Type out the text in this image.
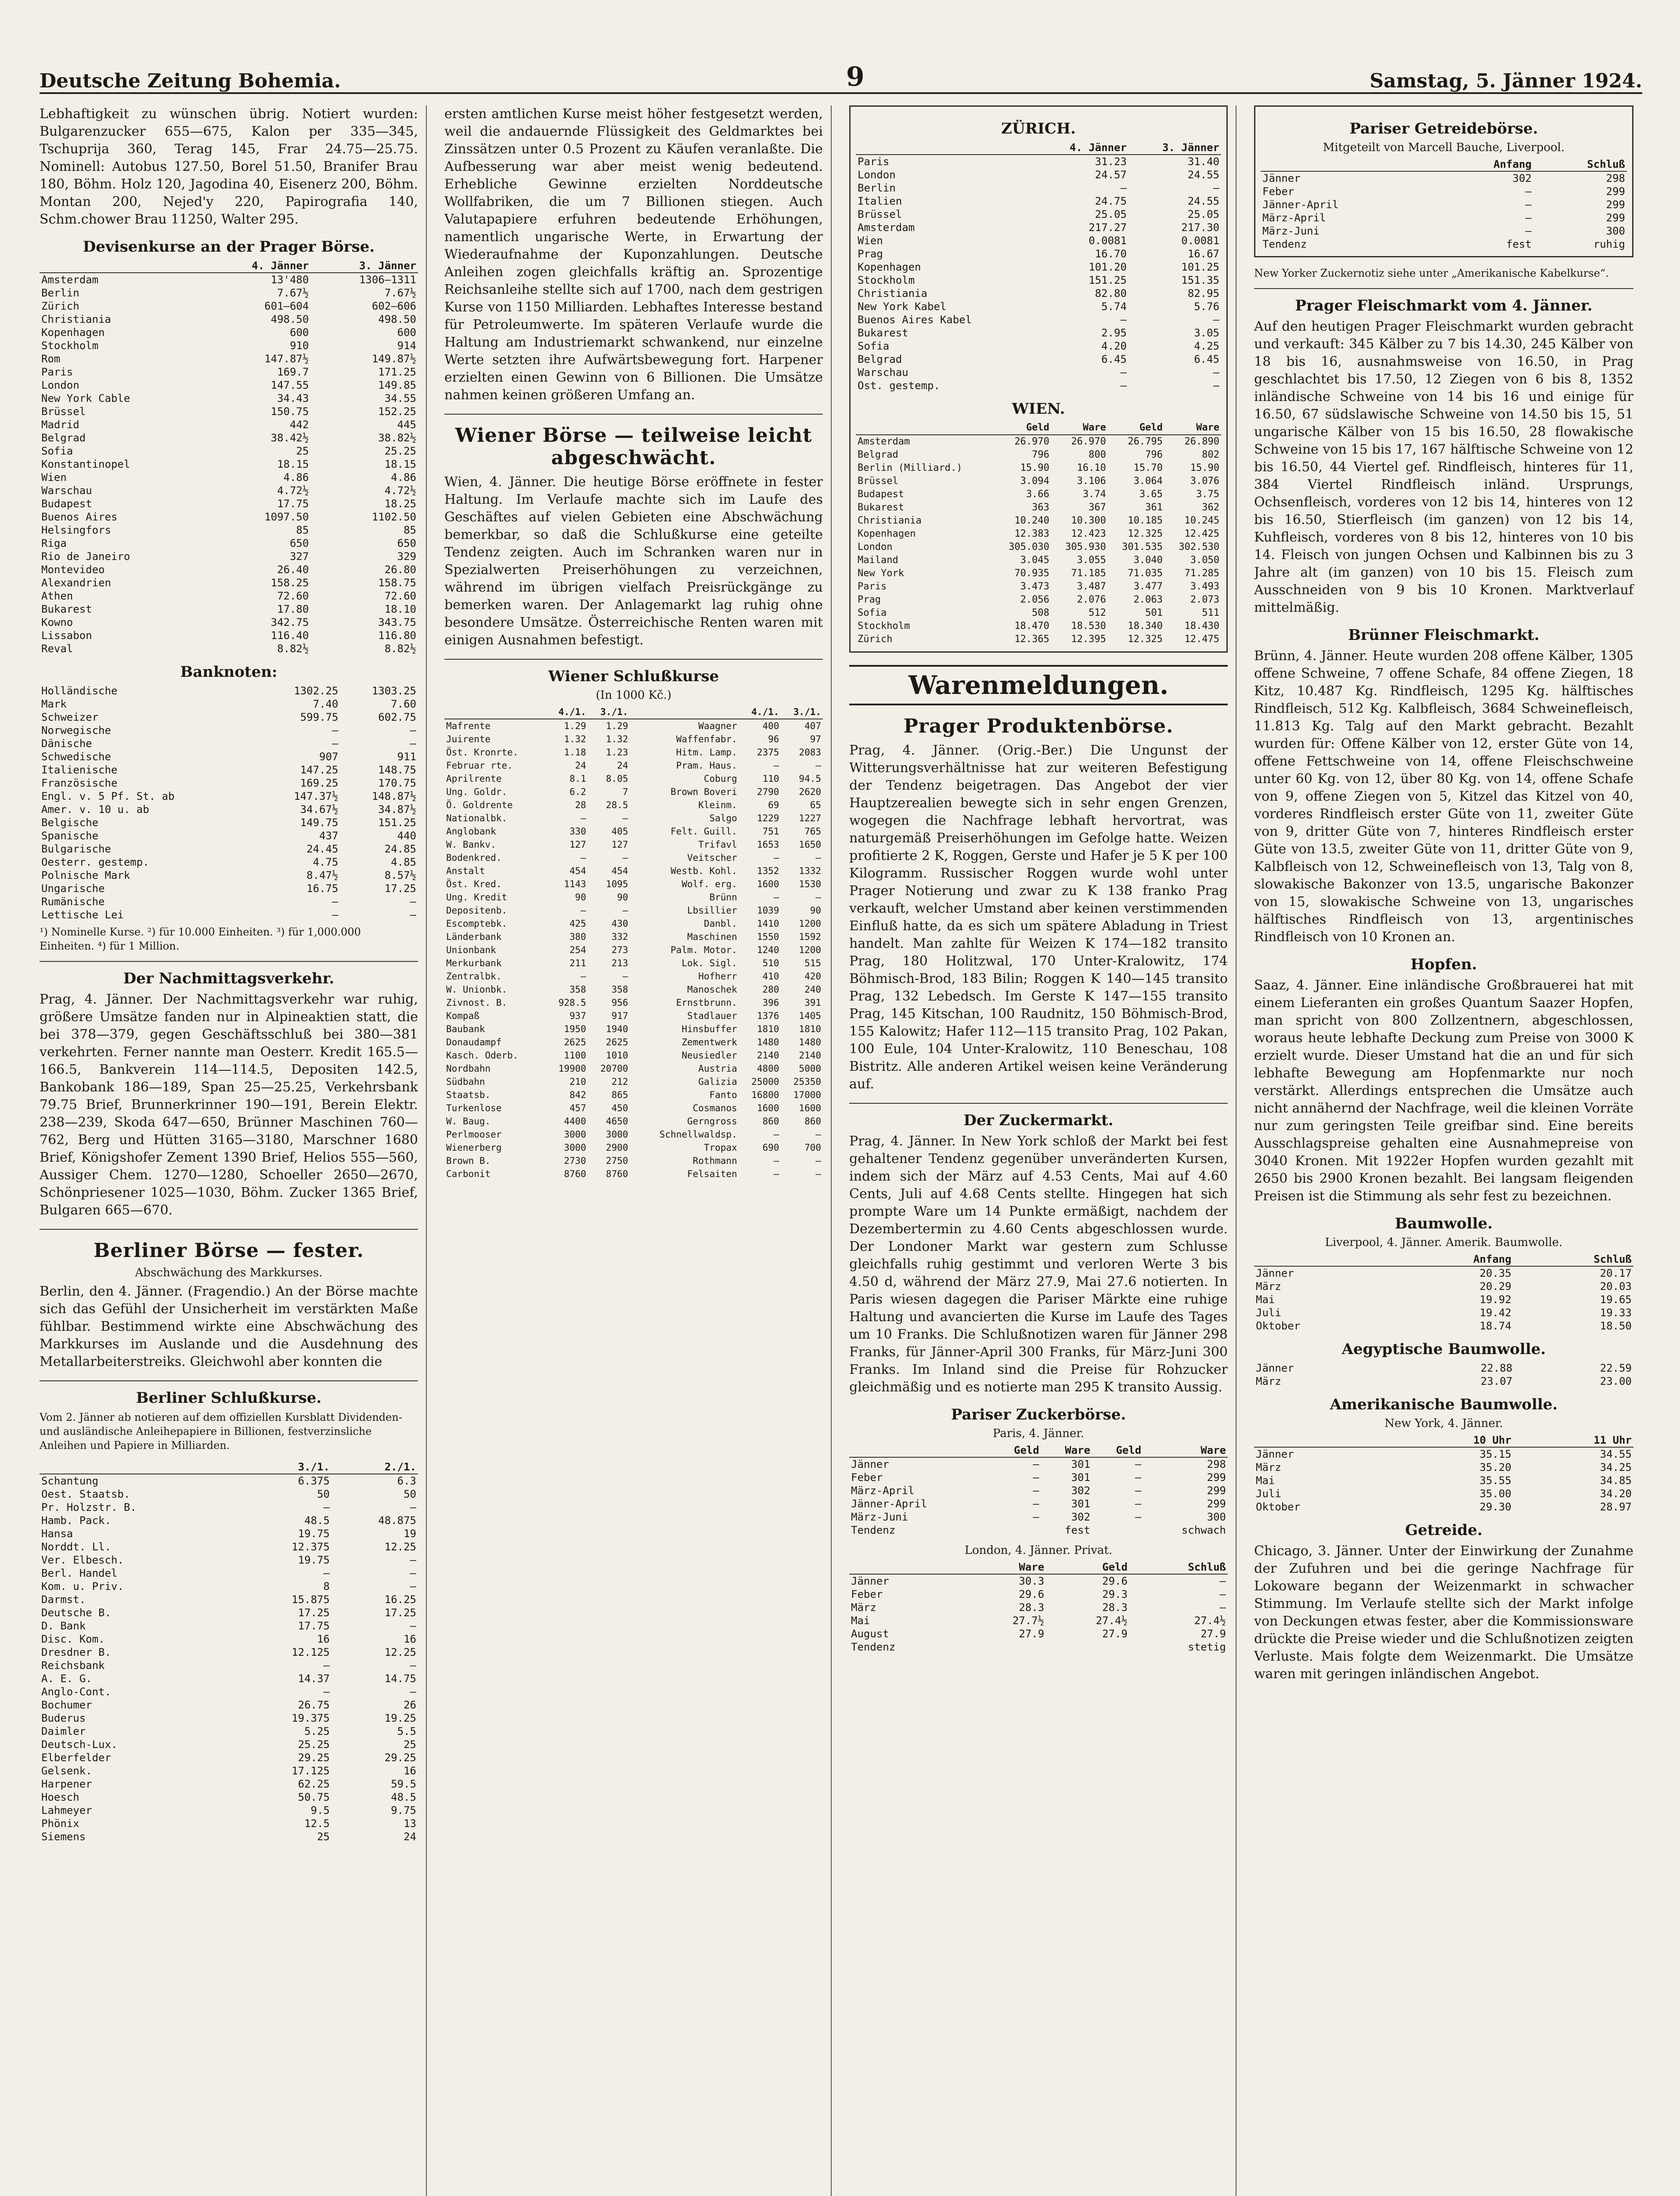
Deutsche Zeitung Bohemia.	9	Samstag, 5. Jänner 1924.

Lebhaftigkeit zu wünschen übrig. Notiert wurden: Bulgarenzucker 655—675, Kalon per 335—345, Tschuprija 360, Terag 145, Frar 24.75—25.75. Nominell: Autobus 127.50, Borel 51.50, Branifer Brau 180, Böhm. Holz 120, Jagodina 40, Eisenerz 200, Böhm. Montan 200, Nejed'y 220, Papirografia 140, Schm.chower Brau 11250, Walter 295.

Devisenkurse an der Prager Börse.
	4. Jänner	3. Jänner
Amsterdam	13'480	1306—1311
Berlin	7.67½	7.67½
Zürich	601—604	602—606
Christiania	498.50	498.50
Kopenhagen	600	600
Stockholm	910	914
Rom	147.87½	149.87½
Paris	169.7	171.25
London	147.55	149.85
New York Cable	34.43	34.55
Brüssel	150.75	152.25
Madrid	442	445
Belgrad	38.42½	38.82½
Sofia	25	25.25
Konstantinopel	18.15	18.15
Wien	4.86	4.86
Warschau	4.72½	4.72½
Budapest	17.75	18.25
Buenos Aires	1097.50	1102.50
Helsingfors	85	85
Riga	650	650
Rio de Janeiro	327	329
Montevideo	26.40	26.80
Alexandrien	158.25	158.75
Athen	72.60	72.60
Bukarest	17.80	18.10
Kowno	342.75	343.75
Lissabon	116.40	116.80
Reval	8.82½	8.82½
Banknoten:
Holländische	1302.25	1303.25
Mark	7.40	7.60
Schweizer	599.75	602.75
Norwegische	—	—
Dänische	—	—
Schwedische	907	911
Italienische	147.25	148.75
Französische	169.25	170.75
Engl. v. 5 Pf. St. ab	147.37½	148.87½
Amer. v. 10 u. ab	34.67½	34.87½
Belgische	149.75	151.25
Spanische	437	440
Bulgarische	24.45	24.85
Oesterr. gestemp.	4.75	4.85
Polnische Mark	8.47½	8.57½
Ungarische	16.75	17.25
Rumänische	—	—
Lettische Lei	—	—

¹) Nominelle Kurse. ²) für 10.000 Einheiten. ³) für 1,000.000 Einheiten. ⁴) für 1 Million.

Der Nachmittagsverkehr.

Prag, 4. Jänner. Der Nachmittagsverkehr war ruhig, größere Umsätze fanden nur in Alpineaktien statt, die bei 378—379, gegen Geschäftsschluß bei 380—381 verkehrten. Ferner nannte man Oesterr. Kredit 165.5—166.5, Bankverein 114—114.5, Depositen 142.5, Bankobank 186—189, Span 25—25.25, Verkehrsbank 79.75 Brief, Brunnerkrinner 190—191, Berein Elektr. 238—239, Skoda 647—650, Brünner Maschinen 760—762, Berg und Hütten 3165—3180, Marschner 1680 Brief, Königshofer Zement 1390 Brief, Helios 555—560, Aussiger Chem. 1270—1280, Schoeller 2650—2670, Schönpriesener 1025—1030, Böhm. Zucker 1365 Brief, Bulgaren 665—670.

Berliner Börse — fester.
Abschwächung des Markkurses.

Berlin, den 4. Jänner. (Fragendio.) An der Börse machte sich das Gefühl der Unsicherheit im verstärkten Maße fühlbar. Bestimmend wirkte eine Abschwächung des Markkurses im Auslande und die Ausdehnung des Metallarbeiterstreiks. Gleichwohl aber konnten die

Berliner Schlußkurse.

Vom 2. Jänner ab notieren auf dem offiziellen Kursblatt Dividenden- und ausländische Anleihepapiere in Billionen, festverzinsliche Anleihen und Papiere in Milliarden.

	3./1.	2./1.
Schantung	6.375	6.3
Oest. Staatsb.	50	50
Pr. Holzstr. B.	—	—
Hamb. Pack.	48.5	48.875
Hansa	19.75	19
Norddt. Ll.	12.375	12.25
Ver. Elbesch.	19.75	—
Berl. Handel	—	—
Kom. u. Priv.	8	—
Darmst.	15.875	16.25
Deutsche B.	17.25	17.25
D. Bank	17.75	—
Disc. Kom.	16	16
Dresdner B.	12.125	12.25
Reichsbank	—	—
A. E. G.	14.37	14.75
Anglo-Cont.	—	—
Bochumer	26.75	26
Buderus	19.375	19.25
Daimler	5.25	5.5
Deutsch-Lux.	25.25	25
Elberfelder	29.25	29.25
Gelsenk.	17.125	16
Harpener	62.25	59.5
Hoesch	50.75	48.5
Lahmeyer	9.5	9.75
Phönix	12.5	13
Siemens	25	24

ersten amtlichen Kurse meist höher festgesetzt werden, weil die andauernde Flüssigkeit des Geldmarktes bei Zinssätzen unter 0.5 Prozent zu Käufen veranlaßte. Die Aufbesserung war aber meist wenig bedeutend. Erhebliche Gewinne erzielten Norddeutsche Wollfabriken, die um 7 Billionen stiegen. Auch Valutapapiere erfuhren bedeutende Erhöhungen, namentlich ungarische Werte, in Erwartung der Wiederaufnahme der Kuponzahlungen. Deutsche Anleihen zogen gleichfalls kräftig an. Sprozentige Reichsanleihe stellte sich auf 1700, nach dem gestrigen Kurse von 1150 Milliarden. Lebhaftes Interesse bestand für Petroleumwerte. Im späteren Verlaufe wurde die Haltung am Industriemarkt schwankend, nur einzelne Werte setzten ihre Aufwärtsbewegung fort. Harpener erzielten einen Gewinn von 6 Billionen. Die Umsätze nahmen keinen größeren Umfang an.

Wiener Börse — teilweise leicht abgeschwächt.

Wien, 4. Jänner. Die heutige Börse eröffnete in fester Haltung. Im Verlaufe machte sich im Laufe des Geschäftes auf vielen Gebieten eine Abschwächung bemerkbar, so daß die Schlußkurse eine geteilte Tendenz zeigten. Auch im Schranken waren nur in Spezialwerten Preiserhöhungen zu verzeichnen, während im übrigen vielfach Preisrückgänge zu bemerken waren. Der Anlagemarkt lag ruhig ohne besondere Umsätze. Österreichische Renten waren mit einigen Ausnahmen befestigt.

Wiener Schlußkurse
(In 1000 Kč.)
	4./1.	3./1.		4./1.	3./1.
Mafrente	1.29	1.29	Waagner	400	407
Juirente	1.32	1.32	Waffenfabr.	96	97
Öst. Kronrte.	1.18	1.23	Hitm. Lamp.	2375	2083
Februar rte.	24	24	Pram. Haus.	—	—
Aprilrente	8.1	8.05	Coburg	110	94.5
Ung. Goldr.	6.2	7	Brown Boveri	2790	2620
Ö. Goldrente	28	28.5	Kleinm.	69	65
Nationalbk.	—	—	Salgo	1229	1227
Anglobank	330	405	Felt. Guill.	751	765
W. Bankv.	127	127	Trifavl	1653	1650
Bodenkred.	—	—	Veitscher	—	—
Anstalt	454	454	Westb. Kohl.	1352	1332
Öst. Kred.	1143	1095	Wolf. erg.	1600	1530
Ung. Kredit	90	90	Brünn	—	—
Depositenb.	—	—	Lbsillier	1039	90
Escomptebk.	425	430	Danbl.	1410	1200
Länderbank	380	332	Maschinen	1550	1592
Unionbank	254	273	Palm. Motor.	1240	1200
Merkurbank	211	213	Lok. Sigl.	510	515
Zentralbk.	—	—	Hofherr	410	420
W. Unionbk.	358	358	Manoschek	280	240
Zivnost. B.	928.5	956	Ernstbrunn.	396	391
Kompaß	937	917	Stadlauer	1376	1405
Baubank	1950	1940	Hinsbuffer	1810	1810
Donaudampf	2625	2625	Zementwerk	1480	1480
Kasch. Oderb.	1100	1010	Neusiedler	2140	2140
Nordbahn	19900	20700	Austria	4800	5000
Südbahn	210	212	Galizia	25000	25350
Staatsb.	842	865	Fanto	16800	17000
Turkenlose	457	450	Cosmanos	1600	1600
W. Baug.	4400	4650	Gerngross	860	860
Perlmooser	3000	3000	Schnellwaldsp.	—	—
Wienerberg	3000	2900	Tropax	690	700
Brown B.	2730	2750	Rothmann	—	—
Carbonit	8760	8760	Felsaiten	—	—
ZÜRICH.
	4. Jänner	3. Jänner
Paris	31.23	31.40
London	24.57	24.55
Berlin	—	—
Italien	24.75	24.55
Brüssel	25.05	25.05
Amsterdam	217.27	217.30
Wien	0.0081	0.0081
Prag	16.70	16.67
Kopenhagen	101.20	101.25
Stockholm	151.25	151.35
Christiania	82.80	82.95
New York Kabel	5.74	5.76
Buenos Aires Kabel	—	—
Bukarest	2.95	3.05
Sofia	4.20	4.25
Belgrad	6.45	6.45
Warschau	—	—
Ost. gestemp.	—	—
WIEN.
	Geld	Ware	Geld	Ware
Amsterdam	26.970	26.970	26.795	26.890
Belgrad	796	800	796	802
Berlin (Milliard.)	15.90	16.10	15.70	15.90
Brüssel	3.094	3.106	3.064	3.076
Budapest	3.66	3.74	3.65	3.75
Bukarest	363	367	361	362
Christiania	10.240	10.300	10.185	10.245
Kopenhagen	12.383	12.423	12.325	12.425
London	305.030	305.930	301.535	302.530
Mailand	3.045	3.055	3.040	3.050
New York	70.935	71.185	71.035	71.285
Paris	3.473	3.487	3.477	3.493
Prag	2.056	2.076	2.063	2.073
Sofia	508	512	501	511
Stockholm	18.470	18.530	18.340	18.430
Zürich	12.365	12.395	12.325	12.475
Warenmeldungen.
Prager Produktenbörse.

Prag, 4. Jänner. (Orig.-Ber.) Die Ungunst der Witterungsverhältnisse hat zur weiteren Befestigung der Tendenz beigetragen. Das Angebot der vier Hauptzerealien bewegte sich in sehr engen Grenzen, wogegen die Nachfrage lebhaft hervortrat, was naturgemäß Preiserhöhungen im Gefolge hatte. Weizen profitierte 2 K, Roggen, Gerste und Hafer je 5 K per 100 Kilogramm. Russischer Roggen wurde wohl unter Prager Notierung und zwar zu K 138 franko Prag verkauft, welcher Umstand aber keinen verstimmenden Einfluß hatte, da es sich um spätere Abladung in Triest handelt. Man zahlte für Weizen K 174—182 transito Prag, 180 Holitzwal, 170 Unter-Kralowitz, 174 Böhmisch-Brod, 183 Bilin; Roggen K 140—145 transito Prag, 132 Lebedsch. Im Gerste K 147—155 transito Prag, 145 Kitschan, 100 Raudnitz, 150 Böhmisch-Brod, 155 Kalowitz; Hafer 112—115 transito Prag, 102 Pakan, 100 Eule, 104 Unter-Kralowitz, 110 Beneschau, 108 Bistritz. Alle anderen Artikel weisen keine Veränderung auf.

Der Zuckermarkt.

Prag, 4. Jänner. In New York schloß der Markt bei fest gehaltener Tendenz gegenüber unveränderten Kursen, indem sich der März auf 4.53 Cents, Mai auf 4.60 Cents, Juli auf 4.68 Cents stellte. Hingegen hat sich prompte Ware um 14 Punkte ermäßigt, nachdem der Dezembertermin zu 4.60 Cents abgeschlossen wurde. Der Londoner Markt war gestern zum Schlusse gleichfalls ruhig gestimmt und verloren Werte 3 bis 4.50 d, während der März 27.9, Mai 27.6 notierten. In Paris wiesen dagegen die Pariser Märkte eine ruhige Haltung und avancierten die Kurse im Laufe des Tages um 10 Franks. Die Schlußnotizen waren für Jänner 298 Franks, für Jänner-April 300 Franks, für März-Juni 300 Franks. Im Inland sind die Preise für Rohzucker gleichmäßig und es notierte man 295 K transito Aussig.

Pariser Zuckerbörse.
Paris, 4. Jänner.
	Geld	Ware	Geld	Ware
Jänner	—	301	—	298
Feber	—	301	—	299
März-April	—	302	—	299
Jänner-April	—	301	—	299
März-Juni	—	302	—	300
Tendenz		fest		schwach
London, 4. Jänner. Privat.
	Ware	Geld	Schluß
Jänner	30.3	29.6	—
Feber	29.6	29.3	—
März	28.3	28.3	—
Mai	27.7½	27.4½	27.4½
August	27.9	27.9	27.9
Tendenz			stetig
Pariser Getreidebörse.
Mitgeteilt von Marcell Bauche, Liverpool.
	Anfang	Schluß
Jänner	302	298
Feber	—	299
Jänner-April	—	299
März-April	—	299
März-Juni	—	300
Tendenz	fest	ruhig

New Yorker Zuckernotiz siehe unter „Amerikanische Kabelkurse“.

Prager Fleischmarkt vom 4. Jänner.

Auf den heutigen Prager Fleischmarkt wurden gebracht und verkauft: 345 Kälber zu 7 bis 14.30, 245 Kälber von 18 bis 16, ausnahmsweise von 16.50, in Prag geschlachtet bis 17.50, 12 Ziegen von 6 bis 8, 1352 inländische Schweine von 14 bis 16 und einige für 16.50, 67 südslawische Schweine von 14.50 bis 15, 51 ungarische Kälber von 15 bis 16.50, 28 flowakische Schweine von 15 bis 17, 167 hälftische Schweine von 12 bis 16.50, 44 Viertel gef. Rindfleisch, hinteres für 11, 384 Viertel Rindfleisch inländ. Ursprungs, Ochsenfleisch, vorderes von 12 bis 14, hinteres von 12 bis 16.50, Stierfleisch (im ganzen) von 12 bis 14, Kuhfleisch, vorderes von 8 bis 12, hinteres von 10 bis 14. Fleisch von jungen Ochsen und Kalbinnen bis zu 3 Jahre alt (im ganzen) von 10 bis 15. Fleisch zum Ausschneiden von 9 bis 10 Kronen. Marktverlauf mittelmäßig.

Brünner Fleischmarkt.

Brünn, 4. Jänner. Heute wurden 208 offene Kälber, 1305 offene Schweine, 7 offene Schafe, 84 offene Ziegen, 18 Kitz, 10.487 Kg. Rindfleisch, 1295 Kg. hälftisches Rindfleisch, 512 Kg. Kalbfleisch, 3684 Schweinefleisch, 11.813 Kg. Talg auf den Markt gebracht. Bezahlt wurden für: Offene Kälber von 12, erster Güte von 14, offene Fettschweine von 14, offene Fleischschweine unter 60 Kg. von 12, über 80 Kg. von 14, offene Schafe von 9, offene Ziegen von 5, Kitzel das Kitzel von 40, vorderes Rindfleisch erster Güte von 11, zweiter Güte von 9, dritter Güte von 7, hinteres Rindfleisch erster Güte von 13.5, zweiter Güte von 11, dritter Güte von 9, Kalbfleisch von 12, Schweinefleisch von 13, Talg von 8, slowakische Bakonzer von 13.5, ungarische Bakonzer von 15, slowakische Schweine von 13, ungarisches hälftisches Rindfleisch von 13, argentinisches Rindfleisch von 10 Kronen an.

Hopfen.

Saaz, 4. Jänner. Eine inländische Großbrauerei hat mit einem Lieferanten ein großes Quantum Saazer Hopfen, man spricht von 800 Zollzentnern, abgeschlossen, woraus heute lebhafte Deckung zum Preise von 3000 K erzielt wurde. Dieser Umstand hat die an und für sich lebhafte Bewegung am Hopfenmarkte nur noch verstärkt. Allerdings entsprechen die Umsätze auch nicht annähernd der Nachfrage, weil die kleinen Vorräte nur zum geringsten Teile greifbar sind. Eine bereits Ausschlagspreise gehalten eine Ausnahmepreise von 3040 Kronen. Mit 1922er Hopfen wurden gezahlt mit 2650 bis 2900 Kronen bezahlt. Bei langsam fleigenden Preisen ist die Stimmung als sehr fest zu bezeichnen.

Baumwolle.
Liverpool, 4. Jänner. Amerik. Baumwolle.
	Anfang	Schluß
Jänner	20.35	20.17
März	20.29	20.03
Mai	19.92	19.65
Juli	19.42	19.33
Oktober	18.74	18.50
Aegyptische Baumwolle.
Jänner	22.88	22.59
März	23.07	23.00
Amerikanische Baumwolle.
New York, 4. Jänner.
	10 Uhr	11 Uhr
Jänner	35.15	34.55
März	35.20	34.25
Mai	35.55	34.85
Juli	35.00	34.20
Oktober	29.30	28.97
Getreide.

Chicago, 3. Jänner. Unter der Einwirkung der Zunahme der Zufuhren und bei die geringe Nachfrage für Lokoware begann der Weizenmarkt in schwacher Stimmung. Im Verlaufe stellte sich der Markt infolge von Deckungen etwas fester, aber die Kommissionsware drückte die Preise wieder und die Schlußnotizen zeigten Verluste. Mais folgte dem Weizenmarkt. Die Umsätze waren mit geringen inländischen Angebot.
